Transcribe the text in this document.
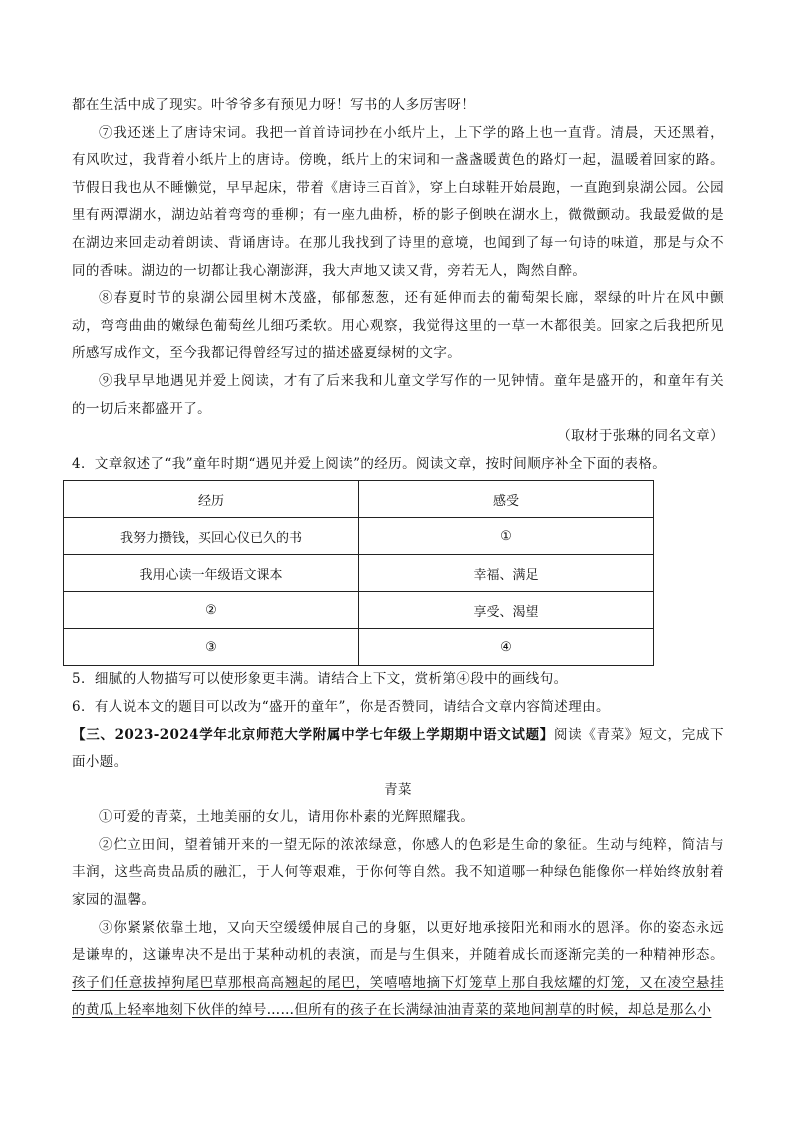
都在生活中成了现实。叶爷爷多有预见力呀！写书的人多厉害呀！

⑦我还迷上了唐诗宋词。我把一首首诗词抄在小纸片上，上下学的路上也一直背。清晨，天还黑着，有风吹过，我背着小纸片上的唐诗。傍晚，纸片上的宋词和一盏盏暖黄色的路灯一起，温暖着回家的路。节假日我也从不睡懒觉，早早起床，带着《唐诗三百首》，穿上白球鞋开始晨跑，一直跑到泉湖公园。公园里有两潭湖水，湖边站着弯弯的垂柳；有一座九曲桥，桥的影子倒映在湖水上，微微颤动。我最爱做的是在湖边来回走动着朗读、背诵唐诗。在那儿我找到了诗里的意境，也闻到了每一句诗的味道，那是与众不同的香味。湖边的一切都让我心潮澎湃，我大声地又读又背，旁若无人，陶然自醉。

⑧春夏时节的泉湖公园里树木茂盛，郁郁葱葱，还有延伸而去的葡萄架长廊，翠绿的叶片在风中颤动，弯弯曲曲的嫩绿色葡萄丝儿细巧柔软。用心观察，我觉得这里的一草一木都很美。回家之后我把所见所感写成作文，至今我都记得曾经写过的描述盛夏绿树的文字。

⑨我早早地遇见并爱上阅读，才有了后来我和儿童文学写作的一见钟情。童年是盛开的，和童年有关的一切后来都盛开了。

（取材于张琳的同名文章）

4．文章叙述了“我”童年时期“遇见并爱上阅读”的经历。阅读文章，按时间顺序补全下面的表格。

经历	感受
我努力攒钱，买回心仪已久的书	①
我用心读一年级语文课本	幸福、满足
②	享受、渴望
③	④

5．细腻的人物描写可以使形象更丰满。请结合上下文，赏析第④段中的画线句。

6．有人说本文的题目可以改为“盛开的童年”，你是否赞同，请结合文章内容简述理由。

【三、2023-2024学年北京师范大学附属中学七年级上学期期中语文试题】阅读《青菜》短文，完成下面小题。

青菜

①可爱的青菜，土地美丽的女儿，请用你朴素的光辉照耀我。

②伫立田间，望着铺开来的一望无际的浓浓绿意，你感人的色彩是生命的象征。生动与纯粹，简洁与丰润，这些高贵品质的融汇，于人何等艰难，于你何等自然。我不知道哪一种绿色能像你一样始终放射着家园的温馨。

③你紧紧依靠土地，又向天空缓缓伸展自己的身躯，以更好地承接阳光和雨水的恩泽。你的姿态永远是谦卑的，这谦卑决不是出于某种动机的表演，而是与生俱来，并随着成长而逐渐完美的一种精神形态。孩子们任意拔掉狗尾巴草那根高高翘起的尾巴，笑嘻嘻地摘下灯笼草上那自我炫耀的灯笼，又在凌空悬挂的黄瓜上轻率地刻下伙伴的绰号……但所有的孩子在长满绿油油青菜的菜地间割草的时候，却总是那么小
